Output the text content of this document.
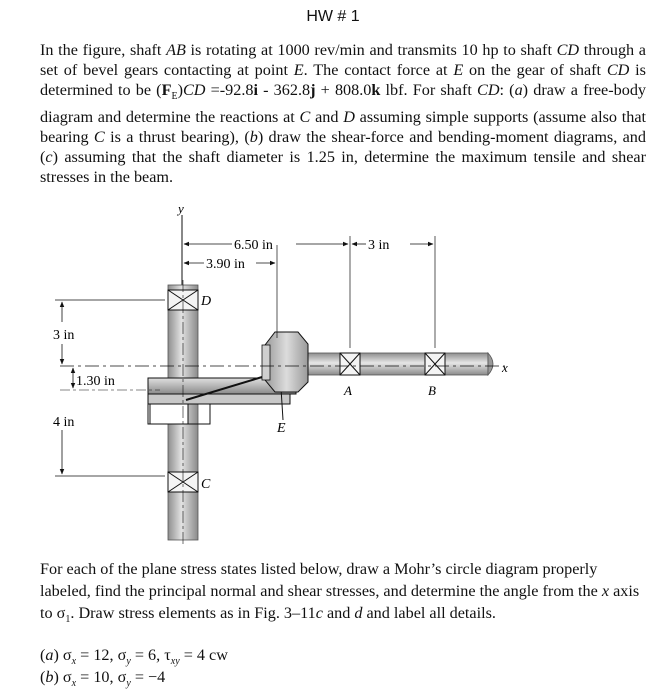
HW # 1

In the figure, shaft AB is rotating at 1000 rev/min and transmits 10 hp to shaft CD through a set of bevel gears contacting at point E. The contact force at E on the gear of shaft CD is determined to be $(F_E)CD =-92.8i - 362.8j + 808.0k$ lbf. For shaft CD: (a) draw a free-body diagram and determine the reactions at C and D assuming simple supports (assume also that bearing C is a thrust bearing), (b) draw the shear-force and bending-moment diagrams, and (c) assuming that the shaft diameter is 1.25 in, determine the maximum tensile and shear stresses in the beam.

y
D
C
E
A	B
x
6.50 in
3.90 in
3 in
3 in
4 in
1.30 in

For each of the plane stress states listed below, draw a Mohr’s circle diagram properly labeled, find the principal normal and shear stresses, and determine the angle from the x axis to $\sigma_1$. Draw stress elements as in Fig. 3–11c and d and label all details.

(a) $\sigma_x = 12$, $\sigma_y = 6$, $\tau_{xy} = 4$ cw
(b) $\sigma_x = 10$, $\sigma_y = -4$
